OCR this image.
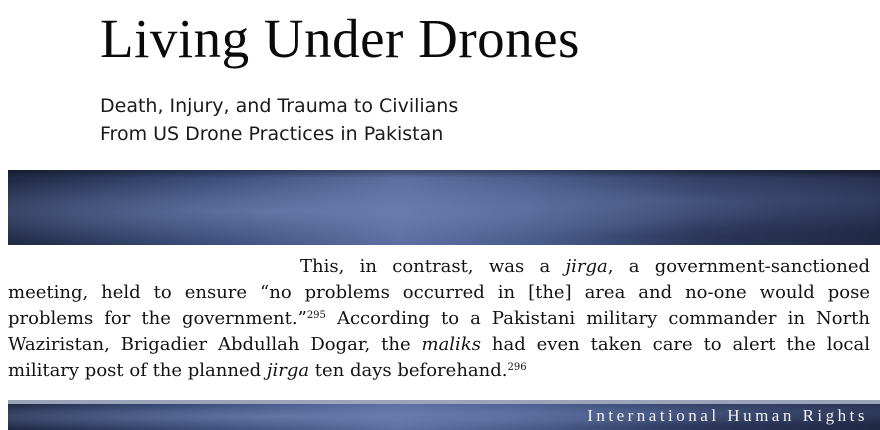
Living Under Drones
Death, Injury, and Trauma to Civilians
From US Drone Practices in Pakistan
This, in contrast, was a jirga, a government-sanctioned
meeting, held to ensure “no problems occurred in [the] area and no-one would pose
problems for the government.”$^{295}$ According to a Pakistani military commander in North
Waziristan, Brigadier Abdullah Dogar, the maliks had even taken care to alert the local
military post of the planned jirga ten days beforehand.$^{296}$
International Human Rights
